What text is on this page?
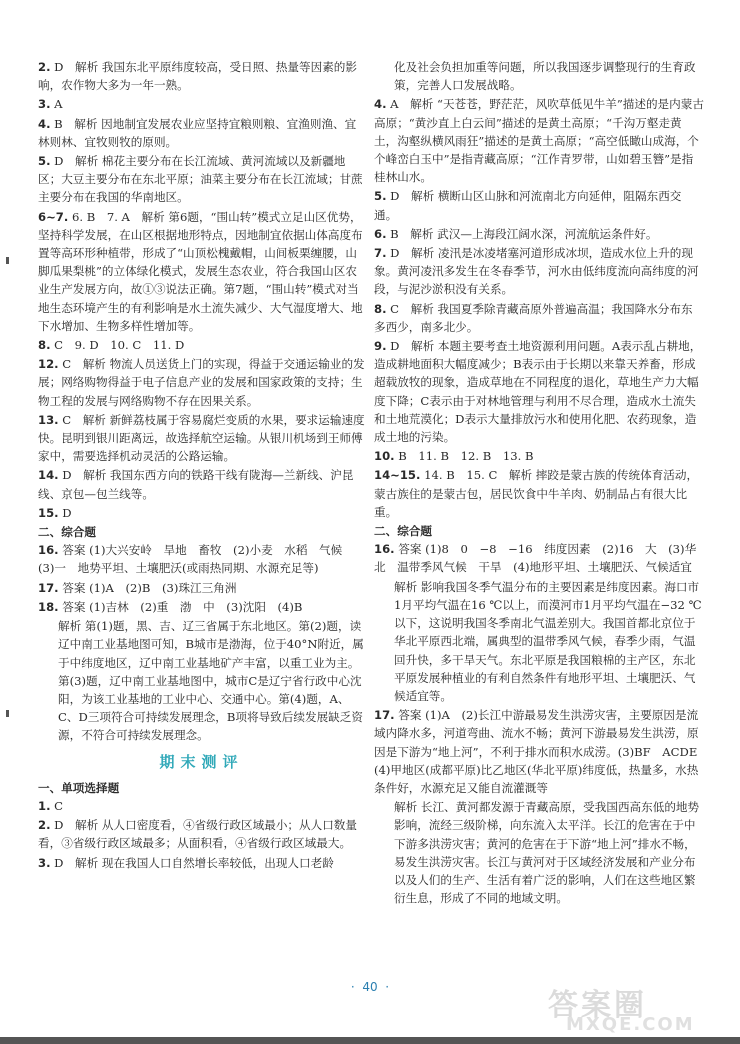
2. D　解析 我国东北平原纬度较高，受日照、热量等因素的影响，农作物大多为一年一熟。
3. A
4. B　解析 因地制宜发展农业应坚持宜粮则粮、宜渔则渔、宜林则林、宜牧则牧的原则。
5. D　解析 棉花主要分布在长江流域、黄河流域以及新疆地区；大豆主要分布在东北平原；油菜主要分布在长江流域；甘蔗主要分布在我国的华南地区。
6~7. 6. B　7. A　解析 第6题，“围山转”模式立足山区优势，坚持科学发展，在山区根据地形特点，因地制宜依据山体高度布置等高环形种植带，形成了“山顶松槐戴帽，山间板栗缠腰，山脚瓜果梨桃”的立体绿化模式，发展生态农业，符合我国山区农业生产发展方向，故①③说法正确。第7题，“围山转”模式对当地生态环境产生的有利影响是水土流失减少、大气湿度增大、地下水增加、生物多样性增加等。
8. C　9. D　10. C　11. D
12. C　解析 物流人员送货上门的实现，得益于交通运输业的发展；网络购物得益于电子信息产业的发展和国家政策的支持；生物工程的发展与网络购物不存在因果关系。
13. C　解析 新鲜荔枝属于容易腐烂变质的水果，要求运输速度快。昆明到银川距离远，故选择航空运输。从银川机场到王师傅家中，需要选择机动灵活的公路运输。
14. D　解析 我国东西方向的铁路干线有陇海—兰新线、沪昆线、京包—包兰线等。
15. D
二、综合题
16. 答案 (1)大兴安岭　旱地　畜牧　(2)小麦　水稻　气候　(3)一　地势平坦、土壤肥沃(或雨热同期、水源充足等)
17. 答案 (1)A　(2)B　(3)珠江三角洲
18. 答案 (1)吉林　(2)重　渤　中　(3)沈阳　(4)B
解析 第(1)题，黑、吉、辽三省属于东北地区。第(2)题，读辽中南工业基地图可知，B城市是渤海，位于40°N附近，属于中纬度地区，辽中南工业基地矿产丰富，以重工业为主。第(3)题，辽中南工业基地图中，城市C是辽宁省行政中心沈阳，为该工业基地的工业中心、交通中心。第(4)题，A、C、D三项符合可持续发展理念，B项将导致后续发展缺乏资源，不符合可持续发展理念。
期末测评
一、单项选择题
1. C
2. D　解析 从人口密度看，④省级行政区域最小；从人口数量看，③省级行政区域最多；从面积看，④省级行政区域最大。
3. D　解析 现在我国人口自然增长率较低，出现人口老龄
化及社会负担加重等问题，所以我国逐步调整现行的生育政策，完善人口发展战略。
4. A　解析 “天苍苍，野茫茫，风吹草低见牛羊”描述的是内蒙古高原；“黄沙直上白云间”描述的是黄土高原；“千沟万壑走黄土，沟壑纵横风雨狂”描述的是黄土高原；“高空低瞰山成海，个个峰峦白玉中”是指青藏高原；“江作青罗带，山如碧玉簪”是指桂林山水。
5. D　解析 横断山区山脉和河流南北方向延伸，阻隔东西交通。
6. B　解析 武汉—上海段江阔水深，河流航运条件好。
7. D　解析 凌汛是冰凌堵塞河道形成冰坝，造成水位上升的现象。黄河凌汛多发生在冬春季节，河水由低纬度流向高纬度的河段，与泥沙淤积没有关系。
8. C　解析 我国夏季除青藏高原外普遍高温；我国降水分布东多西少，南多北少。
9. D　解析 本题主要考查土地资源利用问题。A表示乱占耕地，造成耕地面积大幅度减少；B表示由于长期以来靠天养畜，形成超载放牧的现象，造成草地在不同程度的退化，草地生产力大幅度下降；C表示由于对林地管理与利用不尽合理，造成水土流失和土地荒漠化；D表示大量排放污水和使用化肥、农药现象，造成土地的污染。
10. B　11. B　12. B　13. B
14~15. 14. B　15. C　解析 摔跤是蒙古族的传统体育活动，蒙古族住的是蒙古包，居民饮食中牛羊肉、奶制品占有很大比重。
二、综合题
16. 答案 (1)8　0　−8　−16　纬度因素　(2)16　大　(3)华北　温带季风气候　干旱　(4)地形平坦、土壤肥沃、气候适宜
解析 影响我国冬季气温分布的主要因素是纬度因素。海口市1月平均气温在16 ℃以上，而漠河市1月平均气温在−32 ℃以下，这说明我国冬季南北气温差别大。我国首都北京位于华北平原西北端，属典型的温带季风气候，春季少雨，气温回升快，多干旱天气。东北平原是我国粮棉的主产区，东北平原发展种植业的有利自然条件有地形平坦、土壤肥沃、气候适宜等。
17. 答案 (1)A　(2)长江中游最易发生洪涝灾害，主要原因是流域内降水多，河道弯曲、流水不畅；黄河下游最易发生洪涝，原因是下游为“地上河”，不利于排水而积水成涝。(3)BF　ACDE　(4)甲地区(成都平原)比乙地区(华北平原)纬度低，热量多，水热条件好，水源充足又能自流灌溉等
解析 长江、黄河都发源于青藏高原，受我国西高东低的地势影响，流经三级阶梯，向东流入太平洋。长江的危害在于中下游多洪涝灾害；黄河的危害在于下游“地上河”排水不畅，易发生洪涝灾害。长江与黄河对于区域经济发展和产业分布以及人们的生产、生活有着广泛的影响，人们在这些地区繁衍生息，形成了不同的地域文明。
·  40  ·
答案圈
MXQE.COM
